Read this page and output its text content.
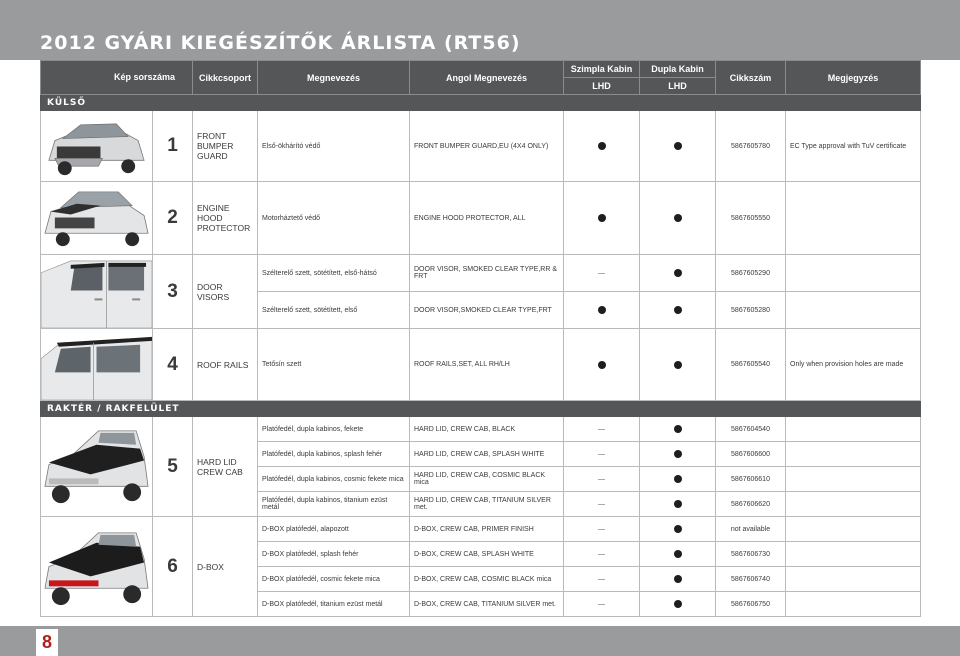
2012 GYÁRI KIEGÉSZÍTŐK ÁRLISTA (RT56)
Kép sorszáma		Cikkcsoport	Megnevezés	Angol Megnevezés	Szimpla Kabin	Dupla Kabin	Cikkszám	Megjegyzés
					LHD	LHD		
KÜLSŐ								

	1	FRONT BUMPER GUARD	Első-ökhárító védő	FRONT BUMPER GUARD,EU (4X4 ONLY)			5867605780	EC Type approval with TuV certificate

	2	ENGINE HOOD PROTECTOR	Motorháztető védő	ENGINE HOOD PROTECTOR, ALL			5867605550	

	3	DOOR VISORS	Szélterelő szett, sötétített, első-hátsó	DOOR VISOR, SMOKED CLEAR TYPE,RR & FRT	—		5867605290	
			Szélterelő szett, sötétített, első	DOOR VISOR,SMOKED CLEAR TYPE,FRT			5867605280	

	4	ROOF RAILS	Tetősín szett	ROOF RAILS,SET, ALL RH/LH			5867605540	Only when provision holes are made
RAKTÉR / RAKFELÜLET								

	5	HARD LID CREW CAB	Platófedél, dupla kabinos, fekete	HARD LID, CREW CAB, BLACK	—		5867604540	
			Platófedél, dupla kabinos, splash fehér	HARD LID, CREW CAB, SPLASH WHITE	—		5867606600	
			Platófedél, dupla kabinos, cosmic fekete mica	HARD LID, CREW CAB, COSMIC BLACK mica	—		5867606610	
			Platófedél, dupla kabinos, titanium ezüst metál	HARD LID, CREW CAB, TITANIUM SILVER met.	—		5867606620	

	6	D-BOX	D-BOX platófedél, alapozott	D-BOX, CREW CAB, PRIMER FINISH	—		not available	
			D-BOX platófedél, splash fehér	D-BOX, CREW CAB, SPLASH WHITE	—		5867606730	
			D-BOX platófedél, cosmic fekete mica	D-BOX, CREW CAB, COSMIC BLACK mica	—		5867606740	
			D-BOX platófedél, titanium ezüst metál	D-BOX, CREW CAB, TITANIUM SILVER met.	—		5867606750	
8
